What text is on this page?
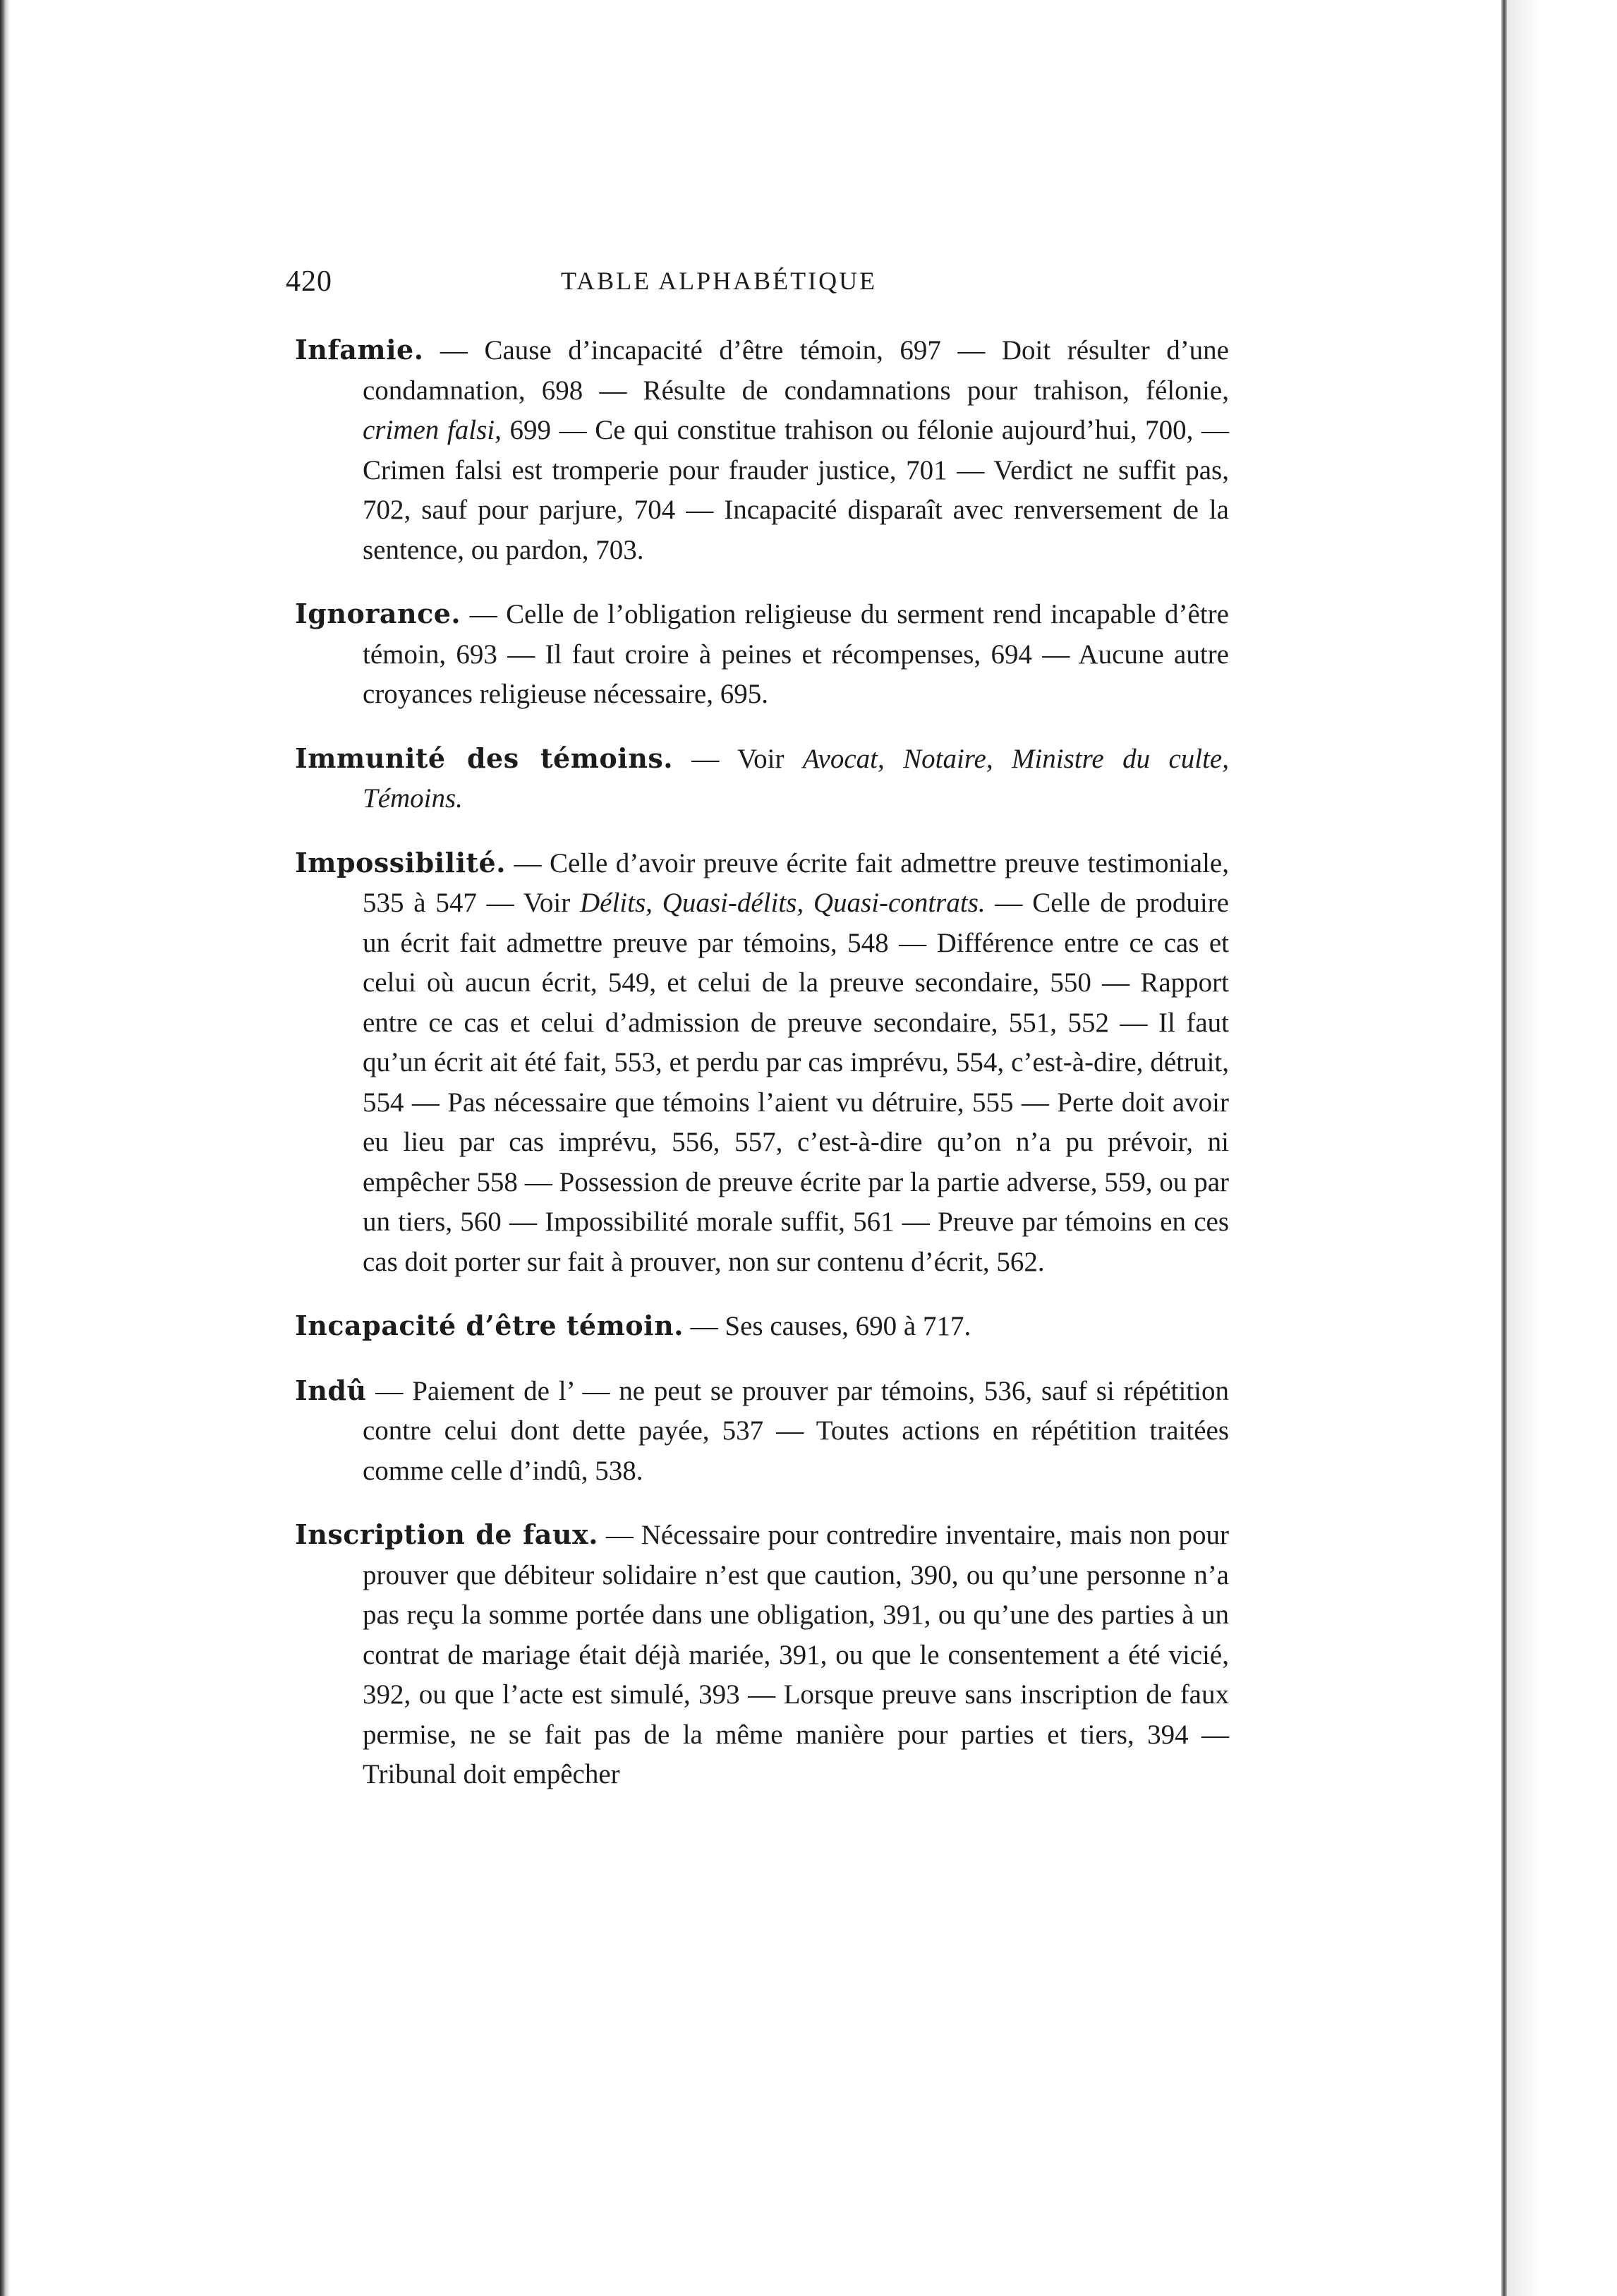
420	TABLE ALPHABÉTIQUE

Infamie. — Cause d’incapacité d’être témoin, 697 — Doit résulter d’une condamnation, 698 — Résulte de condamnations pour trahison, félonie, crimen falsi, 699 — Ce qui constitue trahison ou félonie aujourd’hui, 700, — Crimen falsi est tromperie pour frauder justice, 701 — Verdict ne suffit pas, 702, sauf pour parjure, 704 — Incapacité disparaît avec renversement de la sentence, ou pardon, 703.

Ignorance. — Celle de l’obligation religieuse du serment rend incapable d’être témoin, 693 — Il faut croire à peines et récompenses, 694 — Aucune autre croyances religieuse nécessaire, 695.

Immunité des témoins. — Voir Avocat, Notaire, Ministre du culte, Témoins.

Impossibilité. — Celle d’avoir preuve écrite fait admettre preuve testimoniale, 535 à 547 — Voir Délits, Quasi-délits, Quasi-contrats. — Celle de produire un écrit fait admettre preuve par témoins, 548 — Différence entre ce cas et celui où aucun écrit, 549, et celui de la preuve secondaire, 550 — Rapport entre ce cas et celui d’admission de preuve secondaire, 551, 552 — Il faut qu’un écrit ait été fait, 553, et perdu par cas imprévu, 554, c’est-à-dire, détruit, 554 — Pas nécessaire que témoins l’aient vu détruire, 555 — Perte doit avoir eu lieu par cas imprévu, 556, 557, c’est-à-dire qu’on n’a pu prévoir, ni empêcher 558 — Possession de preuve écrite par la partie adverse, 559, ou par un tiers, 560 — Impossibilité morale suffit, 561 — Preuve par témoins en ces cas doit porter sur fait à prouver, non sur contenu d’écrit, 562.

Incapacité d’être témoin. — Ses causes, 690 à 717.

Indû — Paiement de l’ — ne peut se prouver par témoins, 536, sauf si répétition contre celui dont dette payée, 537 — Toutes actions en répétition traitées comme celle d’indû, 538.

Inscription de faux. — Nécessaire pour contredire inventaire, mais non pour prouver que débiteur solidaire n’est que caution, 390, ou qu’une personne n’a pas reçu la somme portée dans une obligation, 391, ou qu’une des parties à un contrat de mariage était déjà mariée, 391, ou que le consentement a été vicié, 392, ou que l’acte est simulé, 393 — Lorsque preuve sans inscription de faux permise, ne se fait pas de la même manière pour parties et tiers, 394 — Tribunal doit empêcher
